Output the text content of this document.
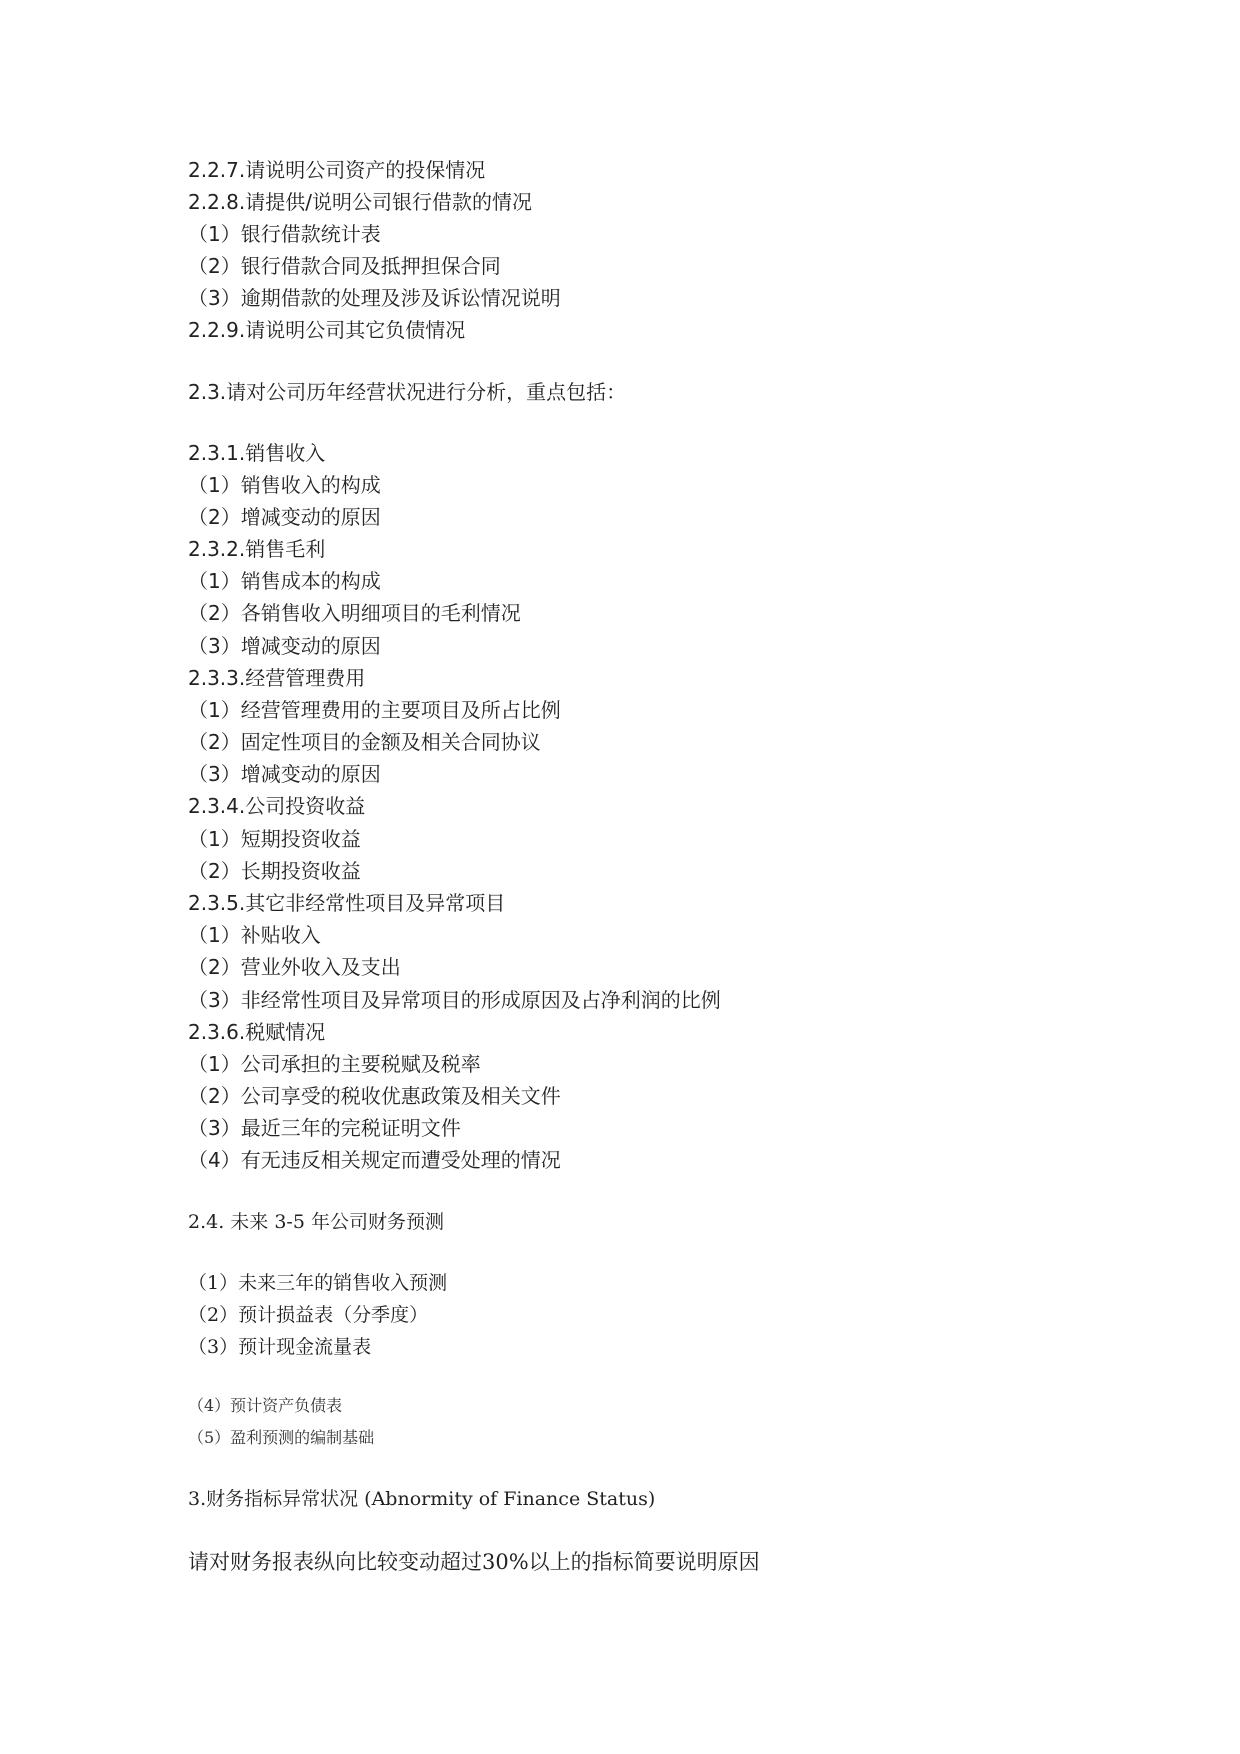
2.2.7.请说明公司资产的投保情况
2.2.8.请提供/说明公司银行借款的情况
（1）银行借款统计表
（2）银行借款合同及抵押担保合同
（3）逾期借款的处理及涉及诉讼情况说明
2.2.9.请说明公司其它负债情况
2.3.请对公司历年经营状况进行分析，重点包括：
2.3.1.销售收入
（1）销售收入的构成
（2）增减变动的原因
2.3.2.销售毛利
（1）销售成本的构成
（2）各销售收入明细项目的毛利情况
（3）增减变动的原因
2.3.3.经营管理费用
（1）经营管理费用的主要项目及所占比例
（2）固定性项目的金额及相关合同协议
（3）增减变动的原因
2.3.4.公司投资收益
（1）短期投资收益
（2）长期投资收益
2.3.5.其它非经常性项目及异常项目
（1）补贴收入
（2）营业外收入及支出
（3）非经常性项目及异常项目的形成原因及占净利润的比例
2.3.6.税赋情况
（1）公司承担的主要税赋及税率
（2）公司享受的税收优惠政策及相关文件
（3）最近三年的完税证明文件
（4）有无违反相关规定而遭受处理的情况
2.4. 未来 3-5 年公司财务预测
（1）未来三年的销售收入预测
（2）预计损益表（分季度）
（3）预计现金流量表
（4）预计资产负债表
（5）盈利预测的编制基础
3.财务指标异常状况 (Abnormity of Finance Status)
请对财务报表纵向比较变动超过30%以上的指标简要说明原因
